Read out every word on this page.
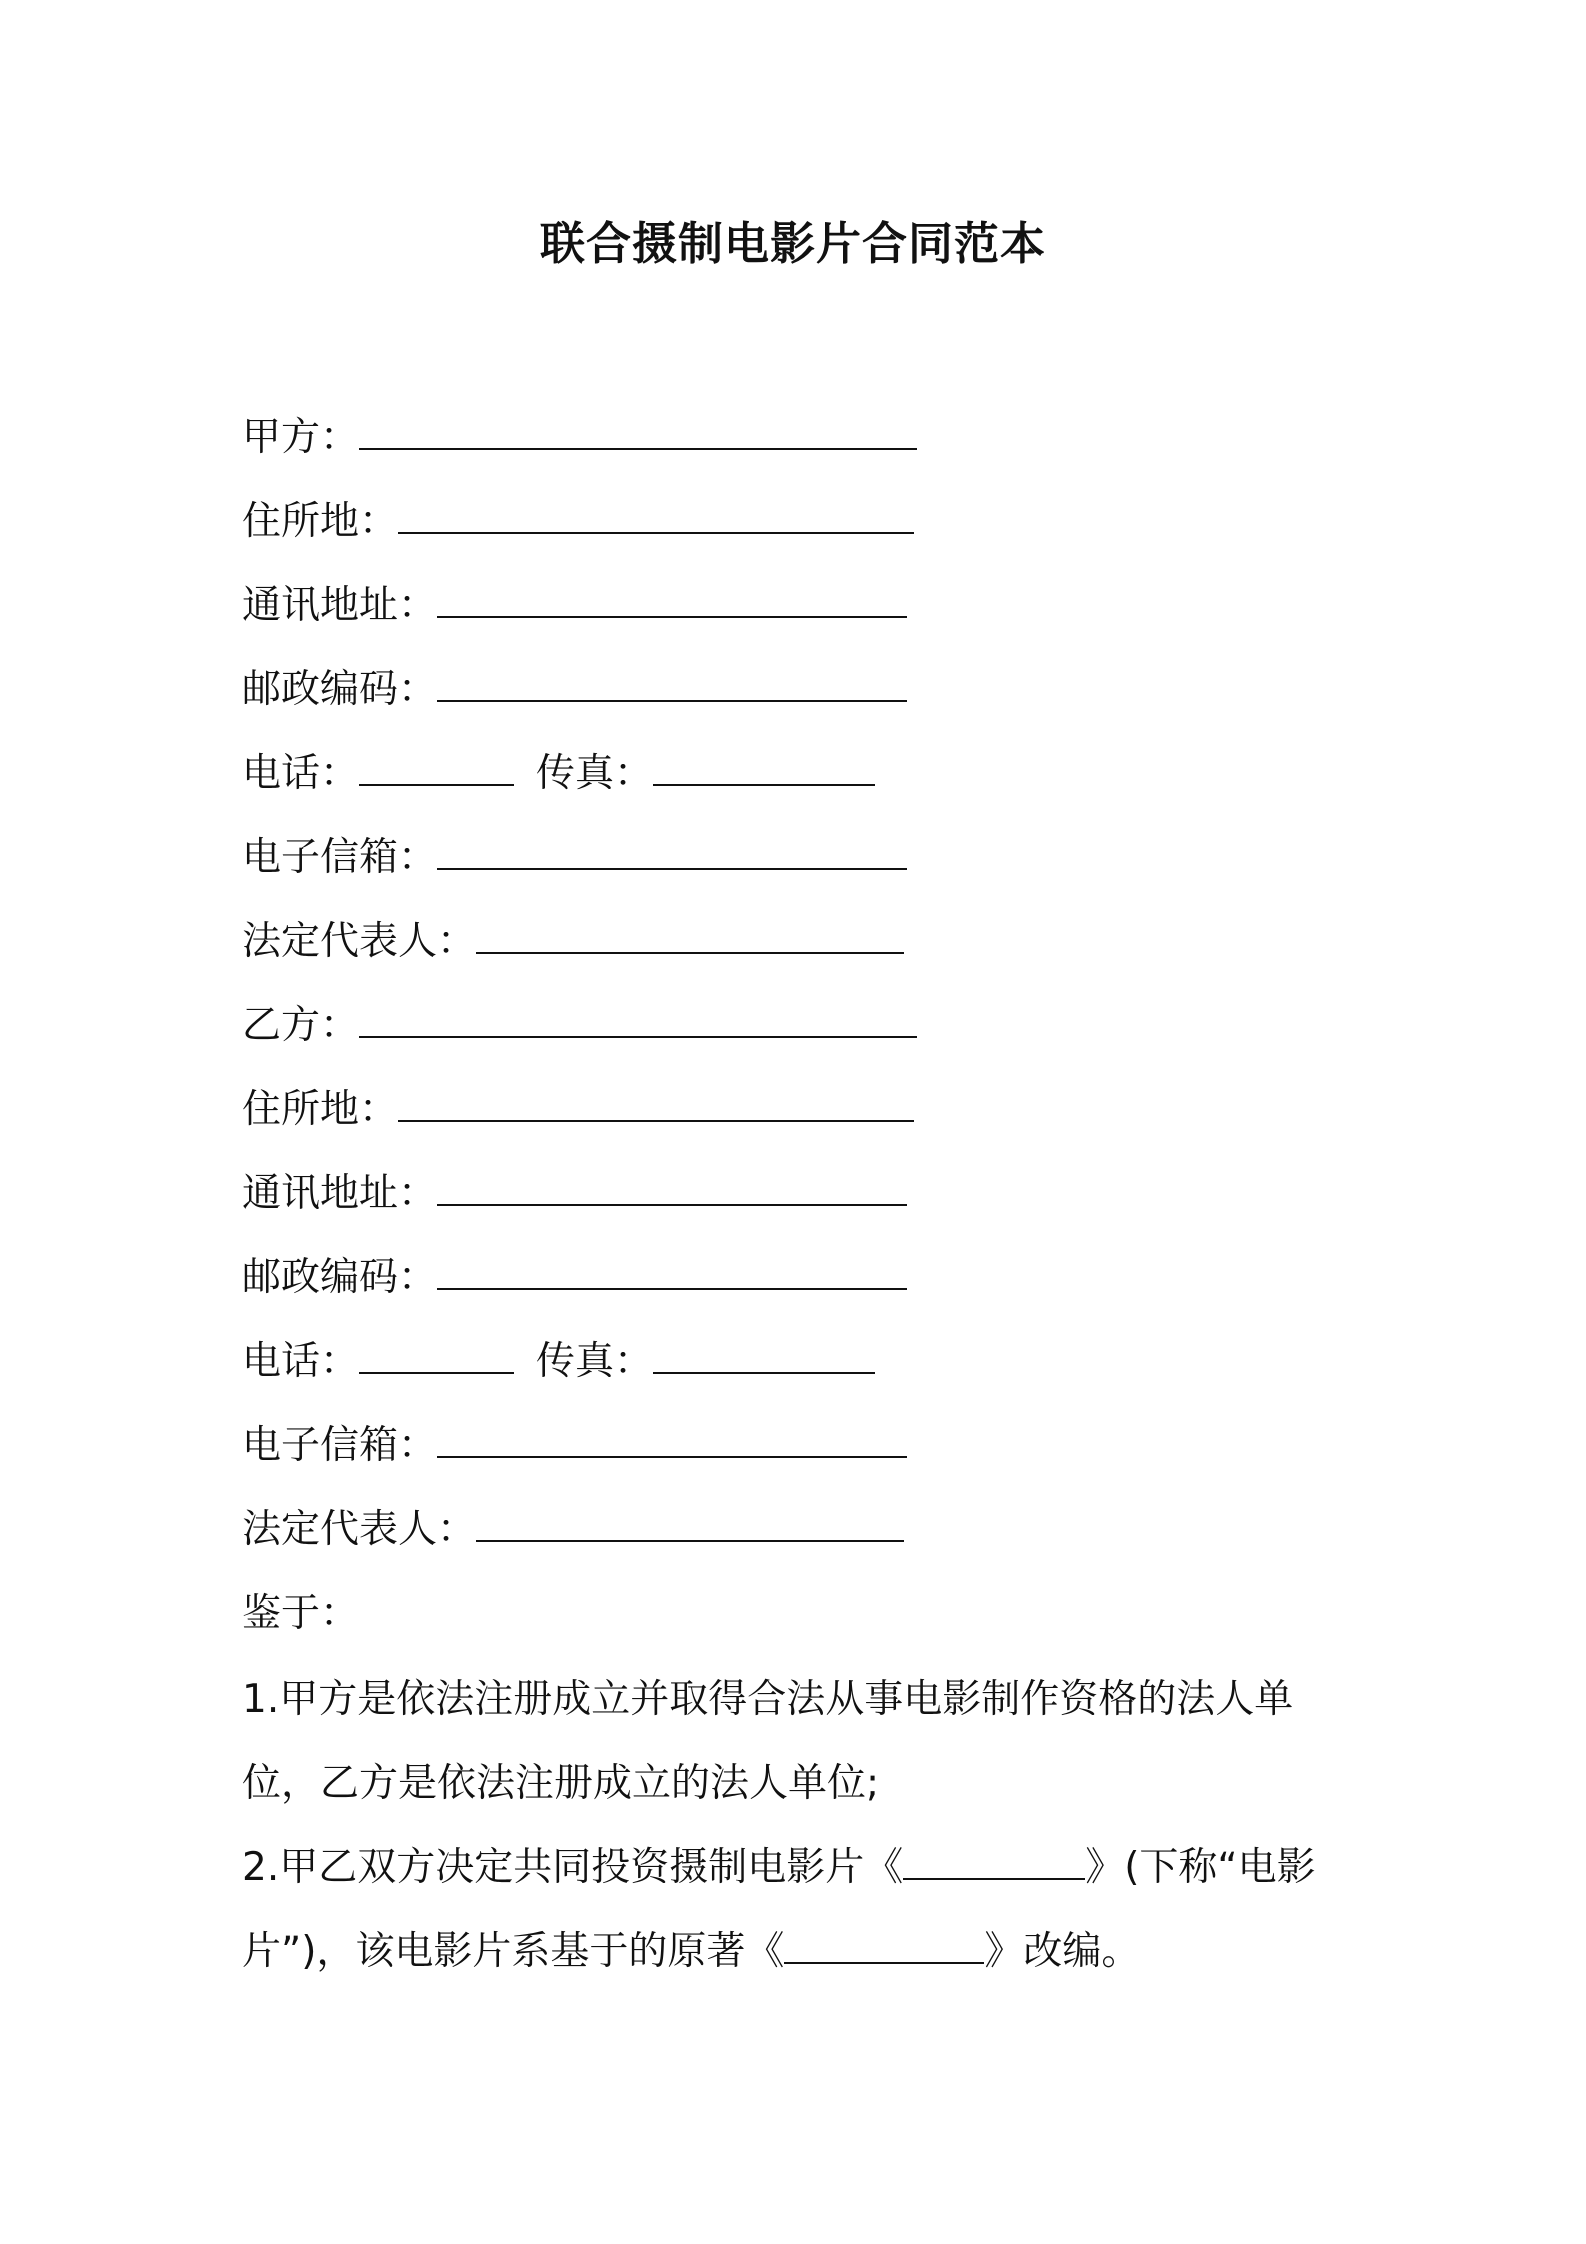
联合摄制电影片合同范本
甲方：
住所地：
通讯地址：
邮政编码：
电话：	传真：
电子信箱：
法定代表人：
乙方：
住所地：
通讯地址：
邮政编码：
电话：	传真：
电子信箱：
法定代表人：
鉴于：
1.甲方是依法注册成立并取得合法从事电影制作资格的法人单位，乙方是依法注册成立的法人单位;
2.甲乙双方决定共同投资摄制电影片《	》(下称“电影片”)，该电影片系基于的原著《	》改编。
